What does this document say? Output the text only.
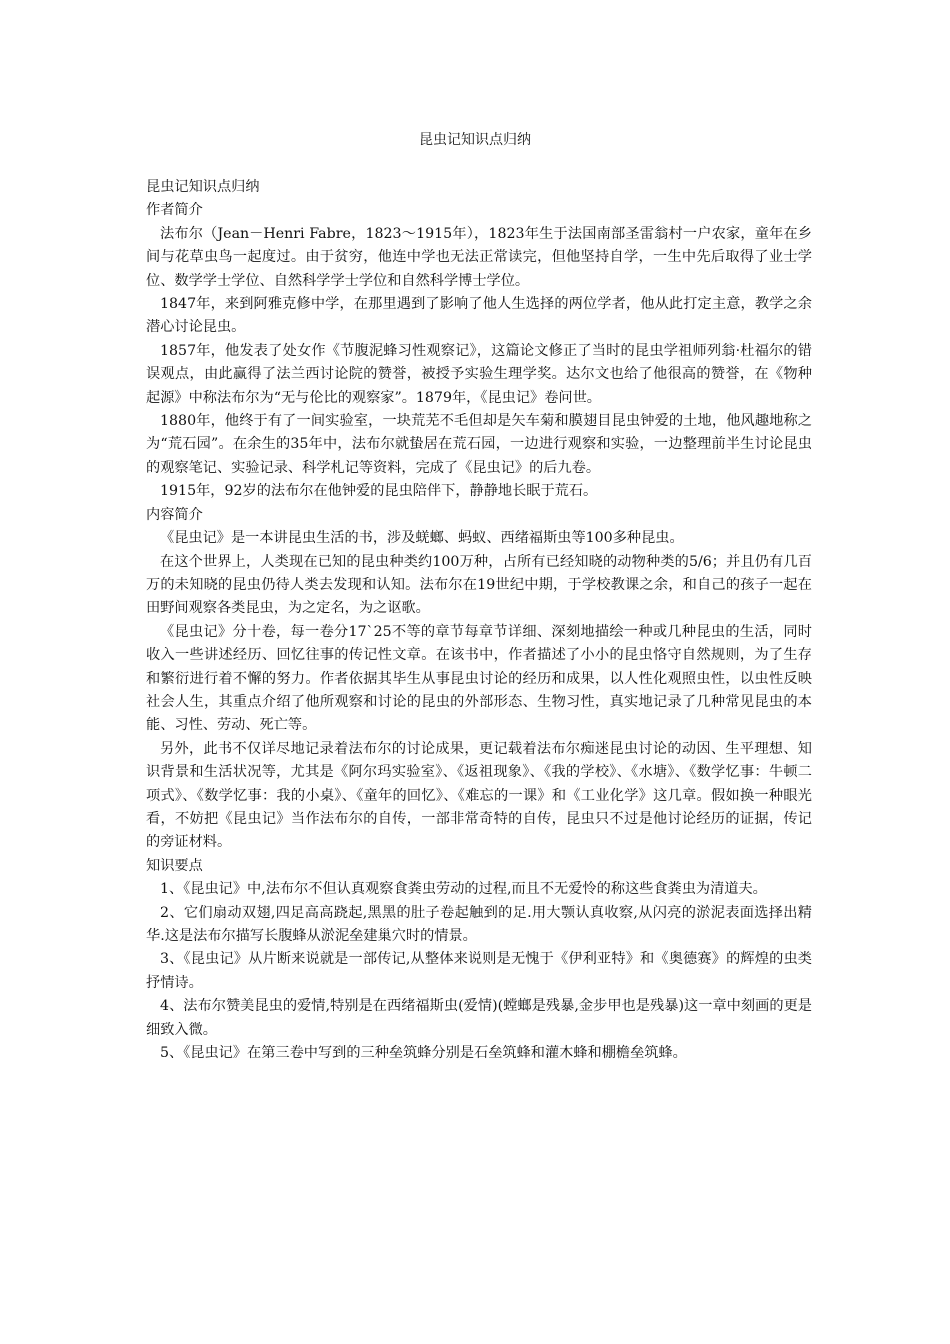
昆虫记知识点归纳

昆虫记知识点归纳

作者简介

法布尔（Jean－Henri Fabre，1823～1915年），1823年生于法国南部圣雷翁村一户农家，童年在乡间与花草虫鸟一起度过。由于贫穷，他连中学也无法正常读完，但他坚持自学，一生中先后取得了业士学位、数学学士学位、自然科学学士学位和自然科学博士学位。

1847年，来到阿雅克修中学，在那里遇到了影响了他人生选择的两位学者，他从此打定主意，教学之余潜心讨论昆虫。

1857年，他发表了处女作《节腹泥蜂习性观察记》，这篇论文修正了当时的昆虫学祖师列翁·杜福尔的错误观点，由此赢得了法兰西讨论院的赞誉，被授予实验生理学奖。达尔文也给了他很高的赞誉，在《物种起源》中称法布尔为“无与伦比的观察家”。1879年，《昆虫记》卷问世。

1880年，他终于有了一间实验室，一块荒芜不毛但却是矢车菊和膜翅目昆虫钟爱的土地，他风趣地称之为“荒石园”。在余生的35年中，法布尔就蛰居在荒石园，一边进行观察和实验，一边整理前半生讨论昆虫的观察笔记、实验记录、科学札记等资料，完成了《昆虫记》的后九卷。

1915年，92岁的法布尔在他钟爱的昆虫陪伴下，静静地长眠于荒石。

内容简介

《昆虫记》是一本讲昆虫生活的书，涉及蜣螂、蚂蚁、西绪福斯虫等100多种昆虫。

在这个世界上，人类现在已知的昆虫种类约100万种，占所有已经知晓的动物种类的5/6；并且仍有几百万的未知晓的昆虫仍待人类去发现和认知。法布尔在19世纪中期，于学校教课之余，和自己的孩子一起在田野间观察各类昆虫，为之定名，为之讴歌。

《昆虫记》分十卷，每一卷分17`25不等的章节每章节详细、深刻地描绘一种或几种昆虫的生活，同时收入一些讲述经历、回忆往事的传记性文章。在该书中，作者描述了小小的昆虫恪守自然规则，为了生存和繁衍进行着不懈的努力。作者依据其毕生从事昆虫讨论的经历和成果，以人性化观照虫性，以虫性反映社会人生，其重点介绍了他所观察和讨论的昆虫的外部形态、生物习性，真实地记录了几种常见昆虫的本能、习性、劳动、死亡等。

另外，此书不仅详尽地记录着法布尔的讨论成果，更记载着法布尔痴迷昆虫讨论的动因、生平理想、知识背景和生活状况等，尤其是《阿尔玛实验室》、《返祖现象》、《我的学校》、《水塘》、《数学忆事：牛顿二项式》、《数学忆事：我的小桌》、《童年的回忆》、《难忘的一课》和《工业化学》这几章。假如换一种眼光看，不妨把《昆虫记》当作法布尔的自传，一部非常奇特的自传，昆虫只不过是他讨论经历的证据，传记的旁证材料。

知识要点

1、《昆虫记》中,法布尔不但认真观察食粪虫劳动的过程,而且不无爱怜的称这些食粪虫为清道夫。

2、它们扇动双翅,四足高高跷起,黑黑的肚子卷起触到的足.用大颚认真收察,从闪亮的淤泥表面选择出精华.这是法布尔描写长腹蜂从淤泥垒建巢穴时的情景。

3、《昆虫记》从片断来说就是一部传记,从整体来说则是无愧于《伊利亚特》和《奥德赛》的辉煌的虫类抒情诗。

4、法布尔赞美昆虫的爱情,特别是在西绪福斯虫(爱情)(螳螂是残暴,金步甲也是残暴)这一章中刻画的更是细致入微。

5、《昆虫记》在第三卷中写到的三种垒筑蜂分别是石垒筑蜂和灌木蜂和棚檐垒筑蜂。
